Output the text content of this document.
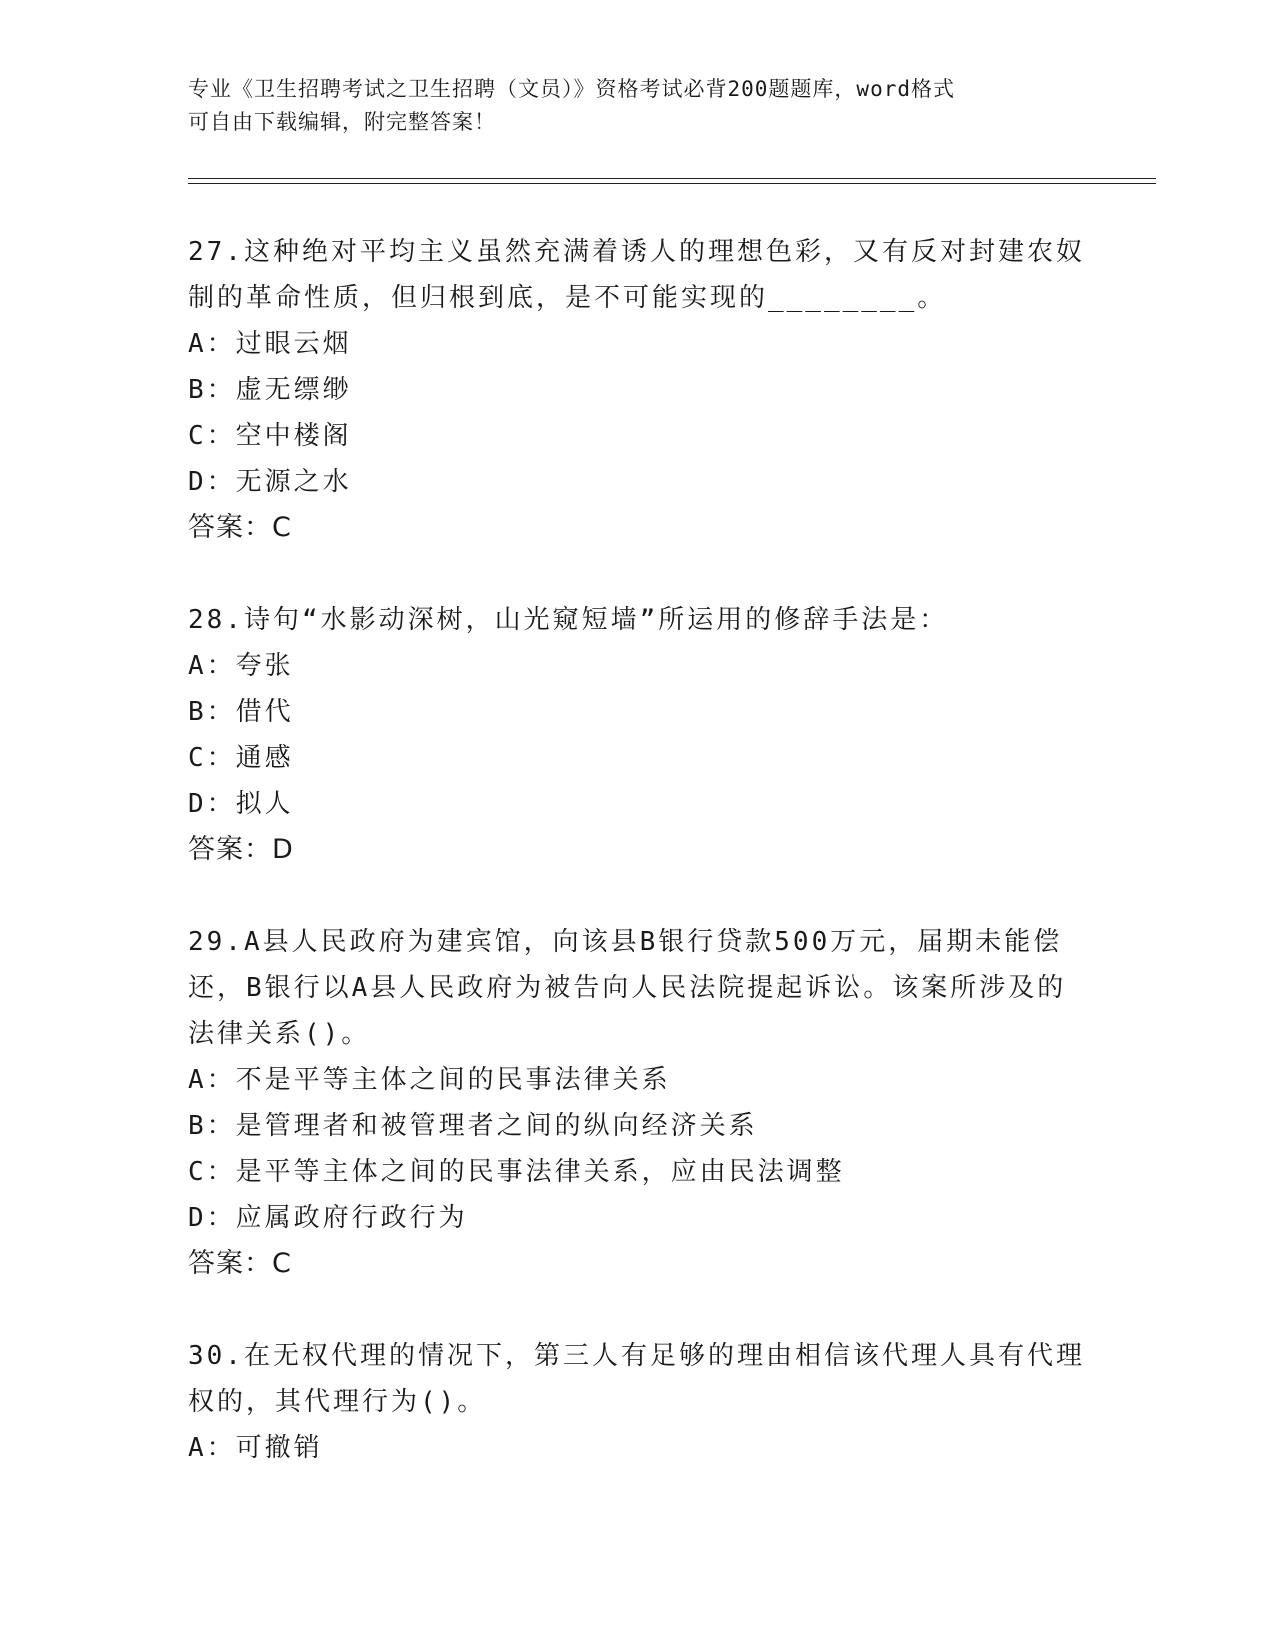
专业《卫生招聘考试之卫生招聘（文员）》资格考试必背200题题库，word格式
可自由下载编辑，附完整答案！
27.这种绝对平均主义虽然充满着诱人的理想色彩，又有反对封建农奴
制的革命性质，但归根到底，是不可能实现的________。
A：过眼云烟
B：虚无缥缈
C：空中楼阁
D：无源之水
答案：C
28.诗句“水影动深树，山光窥短墙”所运用的修辞手法是：
A：夸张
B：借代
C：通感
D：拟人
答案：D
29.A县人民政府为建宾馆，向该县B银行贷款500万元，届期未能偿
还，B银行以A县人民政府为被告向人民法院提起诉讼。该案所涉及的
法律关系()。
A：不是平等主体之间的民事法律关系
B：是管理者和被管理者之间的纵向经济关系
C：是平等主体之间的民事法律关系，应由民法调整
D：应属政府行政行为
答案：C
30.在无权代理的情况下，第三人有足够的理由相信该代理人具有代理
权的，其代理行为()。
A：可撤销
